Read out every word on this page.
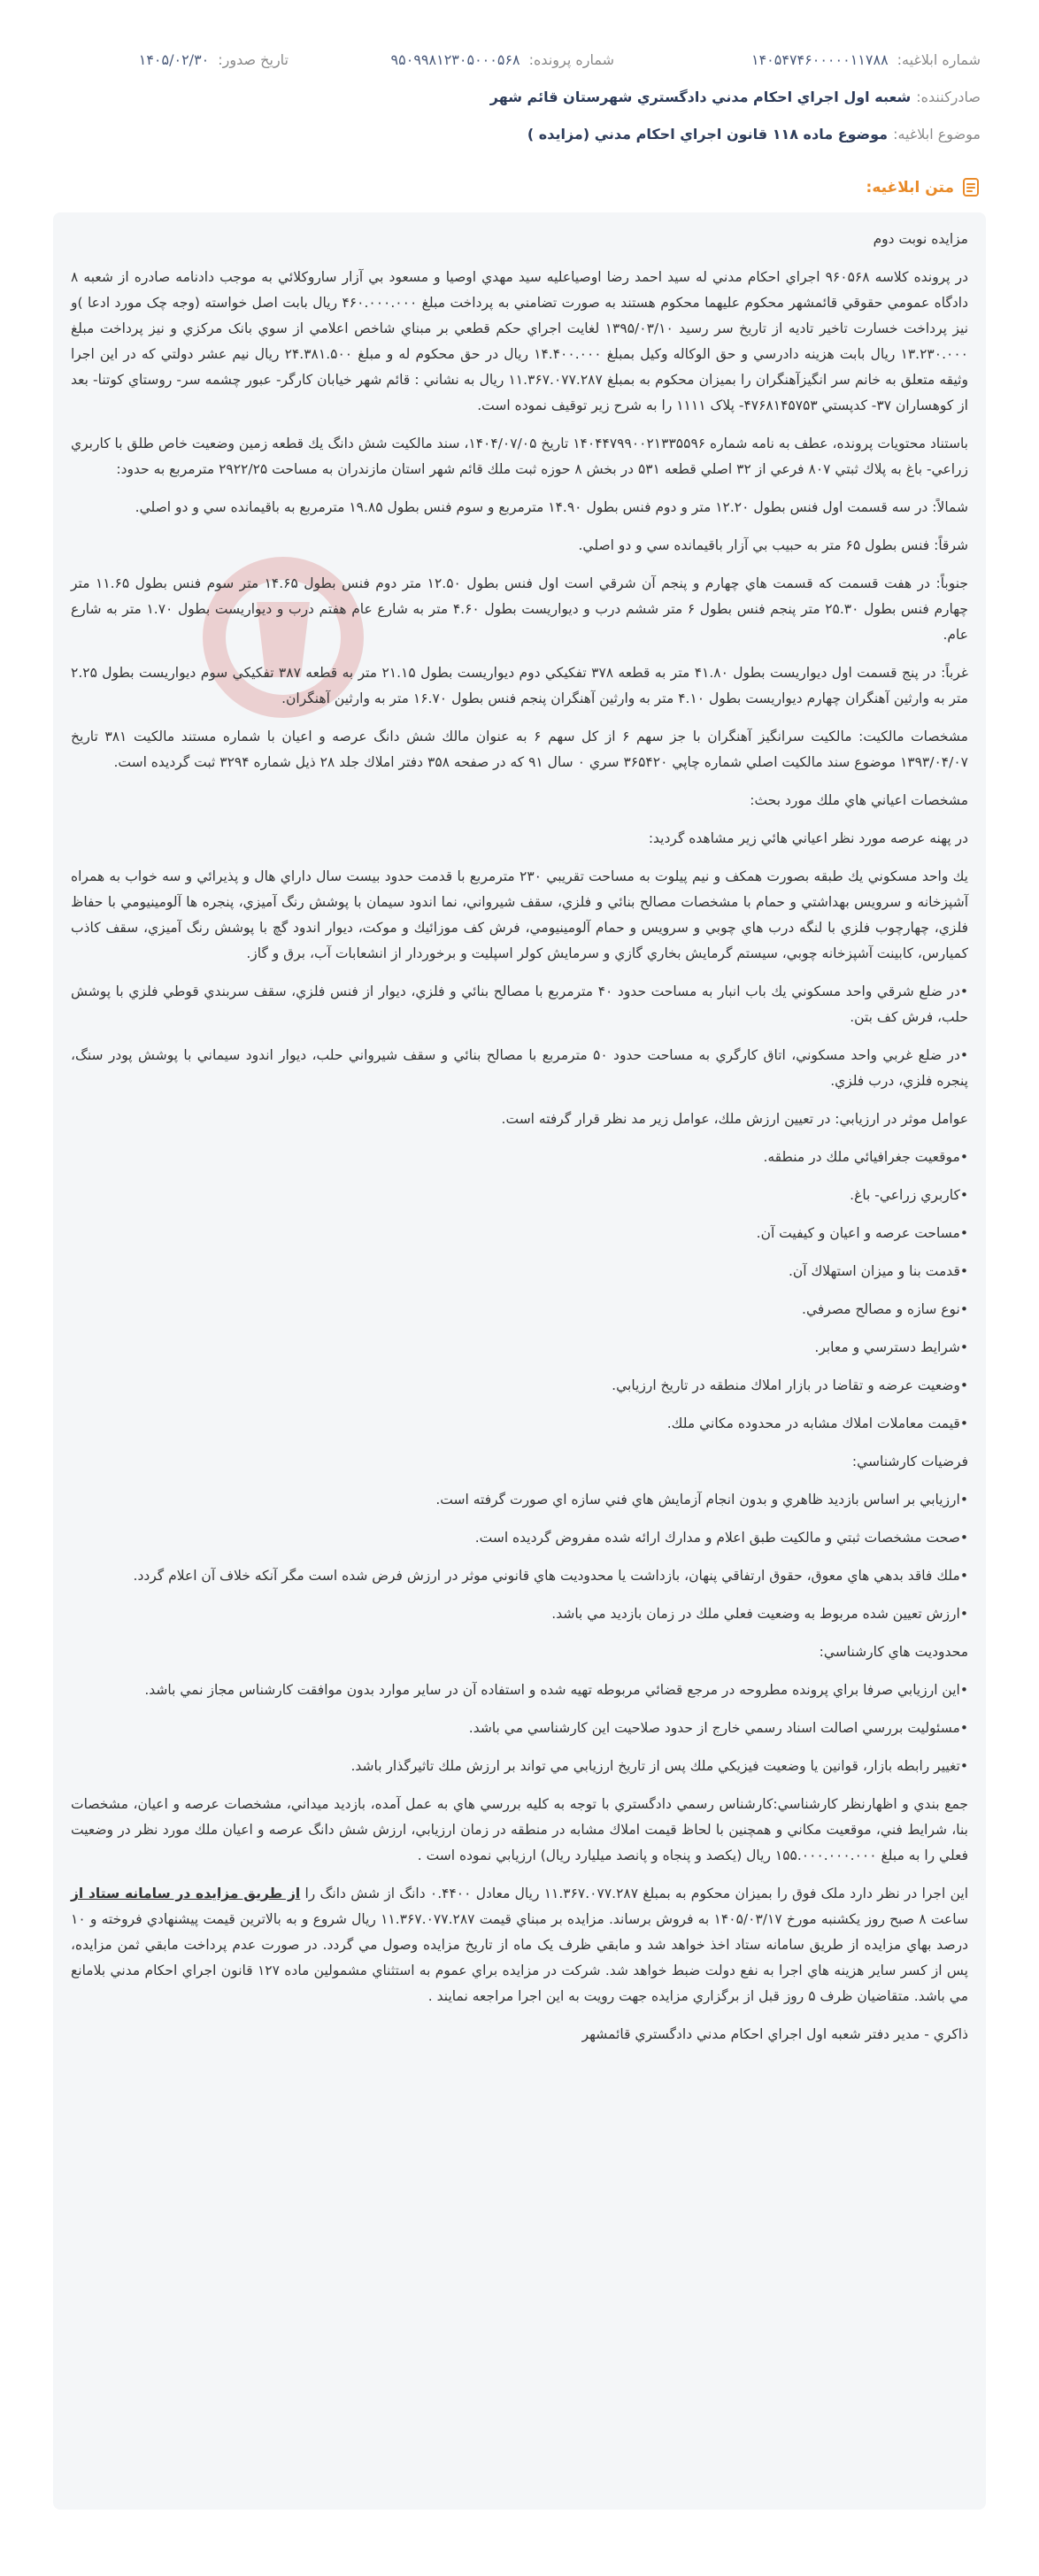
شماره ابلاغيه:۱۴۰۵۴۷۴۶۰۰۰۰۰۱۱۷۸۸
شماره پرونده:۹۵۰۹۹۸۱۲۳۰۵۰۰۰۵۶۸
تاريخ صدور:۱۴۰۵/۰۲/۳۰
صادرکننده:شعبه اول اجراي احکام مدني دادگستري شهرستان قائم شهر
موضوع ابلاغيه:موضوع ماده ۱۱۸ قانون اجراي احکام مدني (مزايده )
متن ابلاغيه:

مزايده نوبت دوم

در پرونده کلاسه ۹۶۰۵۶۸ اجراي احکام مدني له سيد احمد رضا اوصياعليه سيد مهدي اوصيا و مسعود بي آزار ساروکلائي به موجب دادنامه صادره از شعبه ۸ دادگاه عمومي حقوقي قائمشهر محکوم عليهما محکوم هستند به صورت تضامني به پرداخت مبلغ ۴۶۰.۰۰۰.۰۰۰ ريال بابت اصل خواسته (وجه چک مورد ادعا )و نيز پرداخت خسارت تاخير تاديه از تاريخ سر رسيد ۱۳۹۵/۰۳/۱۰ لغايت اجراي حکم قطعي بر مبناي شاخص اعلامي از سوي بانک مرکزي و نيز پرداخت مبلغ ۱۳.۲۳۰.۰۰۰ ريال بابت هزينه دادرسي و حق الوکاله وکيل بمبلغ ۱۴.۴۰۰.۰۰۰ ريال در حق محکوم له و مبلغ ۲۴.۳۸۱.۵۰۰ ريال نيم عشر دولتي که در اين اجرا وثيقه متعلق به خانم سر انگيزآهنگران را بميزان محکوم به بمبلغ ۱۱.۳۶۷.۰۷۷.۲۸۷ ريال به نشاني : قائم شهر خيابان کارگر- عبور چشمه سر- روستاي کوتنا- بعد از کوهساران ۳۷- کدپستي ۴۷۶۸۱۴۵۷۵۳- پلاک ۱۱۱۱ را به شرح زير توقيف نموده است.

باستناد محتويات پرونده، عطف به نامه شماره ۱۴۰۴۴۷۹۹۰۰۲۱۳۳۵۵۹۶ تاريخ ۱۴۰۴/۰۷/۰۵، سند مالکيت شش دانگ يك قطعه زمين وضعيت خاص طلق با کاربري زراعي- باغ به پلاك ثبتي ۸۰۷ فرعي از ۳۲ اصلي قطعه ۵۳۱ در بخش ۸ حوزه ثبت ملك قائم شهر استان مازندران به مساحت ۲۹۲۲/۲۵ مترمربع به حدود:

شمالاً: در سه قسمت اول فنس بطول ۱۲.۲۰ متر و دوم فنس بطول ۱۴.۹۰ مترمربع و سوم فنس بطول ۱۹.۸۵ مترمربع به باقيمانده سي و دو اصلي.

شرقاً: فنس بطول ۶۵ متر به حبيب بي آزار باقيمانده سي و دو اصلي.

جنوباً: در هفت قسمت که قسمت هاي چهارم و پنجم آن شرقي است اول فنس بطول ۱۲.۵۰ متر دوم فنس بطول ۱۴.۶۵ متر سوم فنس بطول ۱۱.۶۵ متر چهارم فنس بطول ۲۵.۳۰ متر پنجم فنس بطول ۶ متر ششم درب و ديواريست بطول ۴.۶۰ متر به شارع عام هفتم درب و ديواريست بطول ۱.۷۰ متر به شارع عام.

غرباً: در پنج قسمت اول ديواريست بطول ۴۱.۸۰ متر به قطعه ۳۷۸ تفکيکي دوم ديواريست بطول ۲۱.۱۵ متر به قطعه ۳۸۷ تفکيکي سوم ديواريست بطول ۲.۲۵ متر به وارثين آهنگران چهارم ديواريست بطول ۴.۱۰ متر به وارثين آهنگران پنجم فنس بطول ۱۶.۷۰ متر به وارثين آهنگران.

مشخصات مالکيت: مالکيت سرانگيز آهنگران با جز سهم ۶ از کل سهم ۶ به عنوان مالك شش دانگ عرصه و اعيان با شماره مستند مالکيت ۳۸۱ تاريخ ۱۳۹۳/۰۴/۰۷ موضوع سند مالکيت اصلي شماره چاپي ۳۶۵۴۲۰ سري ۰ سال ۹۱ که در صفحه ۳۵۸ دفتر املاك جلد ۲۸ ذيل شماره ۳۲۹۴ ثبت گرديده است.

مشخصات اعياني هاي ملك مورد بحث:

در پهنه عرصه مورد نظر اعياني هائي زير مشاهده گرديد:

يك واحد مسکوني يك طبقه بصورت همکف و نيم پيلوت به مساحت تقريبي ۲۳۰ مترمربع با قدمت حدود بيست سال داراي هال و پذيرائي و سه خواب به همراه آشپزخانه و سرويس بهداشتي و حمام با مشخصات مصالح بنائي و فلزي، سقف شيرواني، نما اندود سيمان با پوشش رنگ آميزي، پنجره ها آلومينيومي با حفاظ فلزي، چهارچوب فلزي با لنگه درب هاي چوبي و سرويس و حمام آلومينيومي، فرش کف موزائيك و موکت، ديوار اندود گچ با پوشش رنگ آميزي، سقف کاذب کميارس، کابينت آشپزخانه چوبي، سيستم گرمايش بخاري گازي و سرمايش کولر اسپليت و برخوردار از انشعابات آب، برق و گاز.

•در ضلع شرقي واحد مسکوني يك باب انبار به مساحت حدود ۴۰ مترمربع با مصالح بنائي و فلزي، ديوار از فنس فلزي، سقف سربندي قوطي فلزي با پوشش حلب، فرش کف بتن.

•در ضلع غربي واحد مسکوني، اتاق کارگري به مساحت حدود ۵۰ مترمربع با مصالح بنائي و سقف شيرواني حلب، ديوار اندود سيماني با پوشش پودر سنگ، پنجره فلزي، درب فلزي.

عوامل موثر در ارزيابي: در تعيين ارزش ملك، عوامل زير مد نظر قرار گرفته است.

•موقعيت جغرافيائي ملك در منطقه.

•کاربري زراعي- باغ.

•مساحت عرصه و اعيان و کيفيت آن.

•قدمت بنا و ميزان استهلاك آن.

•نوع سازه و مصالح مصرفي.

•شرايط دسترسي و معابر.

•وضعيت عرضه و تقاضا در بازار املاك منطقه در تاريخ ارزيابي.

•قيمت معاملات املاك مشابه در محدوده مکاني ملك.

فرضيات کارشناسي:

•ارزيابي بر اساس بازديد ظاهري و بدون انجام آزمايش هاي فني سازه اي صورت گرفته است.

•صحت مشخصات ثبتي و مالکيت طبق اعلام و مدارك ارائه شده مفروض گرديده است.

•ملك فاقد بدهي هاي معوق، حقوق ارتفاقي پنهان، بازداشت يا محدوديت هاي قانوني موثر در ارزش فرض شده است مگر آنکه خلاف آن اعلام گردد.

•ارزش تعيين شده مربوط به وضعيت فعلي ملك در زمان بازديد مي باشد.

محدوديت هاي کارشناسي:

•اين ارزيابي صرفا براي پرونده مطروحه در مرجع قضائي مربوطه تهيه شده و استفاده آن در ساير موارد بدون موافقت کارشناس مجاز نمي باشد.

•مسئوليت بررسي اصالت اسناد رسمي خارج از حدود صلاحيت اين کارشناسي مي باشد.

•تغيير رابطه بازار، قوانين يا وضعيت فيزيکي ملك پس از تاريخ ارزيابي مي تواند بر ارزش ملك تاثيرگذار باشد.

جمع بندي و اظهارنظر کارشناسي:کارشناس رسمي دادگستري با توجه به کليه بررسي هاي به عمل آمده، بازديد ميداني، مشخصات عرصه و اعيان، مشخصات بنا، شرايط فني، موقعيت مکاني و همچنين با لحاظ قيمت املاك مشابه در منطقه در زمان ارزيابي، ارزش شش دانگ عرصه و اعيان ملك مورد نظر در وضعيت فعلي را به مبلغ ۱۵۵.۰۰۰.۰۰۰.۰۰۰ ريال (يکصد و پنجاه و پانصد ميليارد ريال) ارزيابي نموده است .

اين اجرا در نظر دارد ملک فوق را بميزان محکوم به بمبلغ ۱۱.۳۶۷.۰۷۷.۲۸۷ ريال معادل ۰.۴۴۰۰ دانگ از شش دانگ را از طريق مزايده در سامانه ستاد از ساعت ۸ صبح روز يکشنبه مورخ ۱۴۰۵/۰۳/۱۷ به فروش برساند. مزايده بر مبناي قيمت ۱۱.۳۶۷.۰۷۷.۲۸۷ ريال شروع و به بالاترين قيمت پيشنهادي فروخته و ۱۰ درصد بهاي مزايده از طريق سامانه ستاد اخذ خواهد شد و مابقي ظرف يک ماه از تاريخ مزايده وصول مي گردد. در صورت عدم پرداخت مابقي ثمن مزايده، پس از کسر ساير هزينه هاي اجرا به نفع دولت ضبط خواهد شد. شرکت در مزايده براي عموم به استثناي مشمولين ماده ۱۲۷ قانون اجراي احکام مدني بلامانع مي باشد. متقاضيان ظرف ۵ روز قبل از برگزاري مزايده جهت رويت به اين اجرا مراجعه نمايند .

ذاکري - مدير دفتر شعبه اول اجراي احکام مدني دادگستري قائمشهر
